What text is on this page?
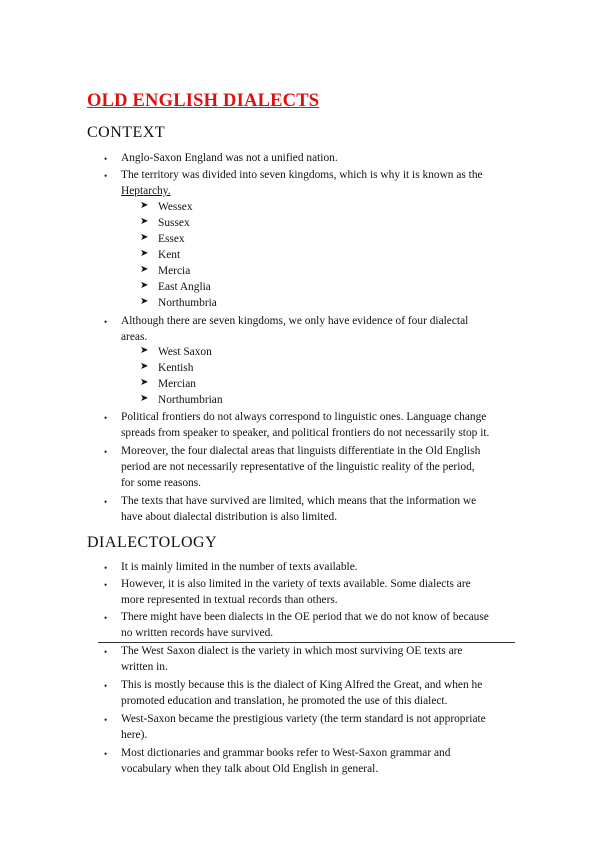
OLD ENGLISH DIALECTS
CONTEXT
• Anglo-Saxon England was not a unified nation.
• The territory was divided into seven kingdoms, which is why it is known as the
Heptarchy.
➤ Wessex
➤ Sussex
➤ Essex
➤ Kent
➤ Mercia
➤ East Anglia
➤ Northumbria
• Although there are seven kingdoms, we only have evidence of four dialectal
areas.
➤ West Saxon
➤ Kentish
➤ Mercian
➤ Northumbrian
• Political frontiers do not always correspond to linguistic ones. Language change
spreads from speaker to speaker, and political frontiers do not necessarily stop it.
• Moreover, the four dialectal areas that linguists differentiate in the Old English
period are not necessarily representative of the linguistic reality of the period,
for some reasons.
• The texts that have survived are limited, which means that the information we
have about dialectal distribution is also limited.
DIALECTOLOGY
• It is mainly limited in the number of texts available.
• However, it is also limited in the variety of texts available. Some dialects are
more represented in textual records than others.
• There might have been dialects in the OE period that we do not know of because
no written records have survived.
• The West Saxon dialect is the variety in which most surviving OE texts are
written in.
• This is mostly because this is the dialect of King Alfred the Great, and when he
promoted education and translation, he promoted the use of this dialect.
• West-Saxon became the prestigious variety (the term standard is not appropriate
here).
• Most dictionaries and grammar books refer to West-Saxon grammar and
vocabulary when they talk about Old English in general.
